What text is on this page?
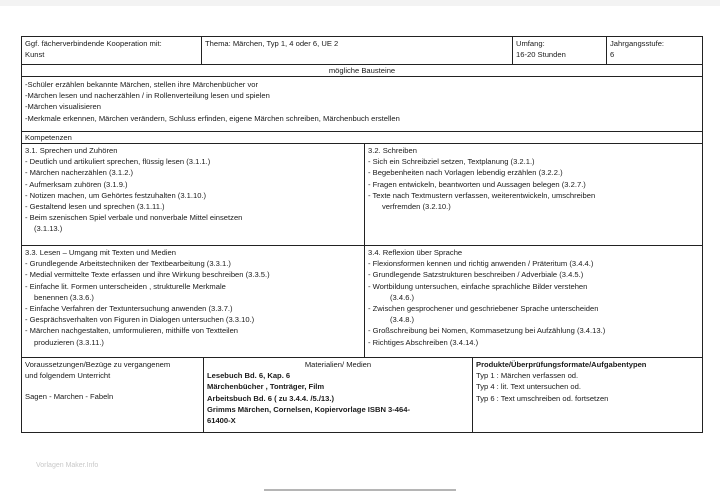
Ggf. fächerverbindende Kooperation mit:
Kunst
Thema: Märchen, Typ 1, 4 oder 6, UE 2	Umfang:
16-20 Stunden
Jahrgangsstufe:
6
mögliche Bausteine
-Schüler erzählen bekannte Märchen, stellen ihre Märchenbücher vor
-Märchen lesen und nacherzählen / in Rollenverteilung lesen und spielen
-Märchen visualisieren
-Merkmale erkennen, Märchen verändern, Schluss erfinden, eigene Märchen schreiben, Märchenbuch erstellen
Kompetenzen
3.1. Sprechen und Zuhören
- Deutlich und artikuliert sprechen, flüssig lesen (3.1.1.)
- Märchen nacherzählen (3.1.2.)
- Aufmerksam zuhören (3.1.9.)
- Notizen machen, um Gehörtes festzuhalten (3.1.10.)
- Gestaltend lesen und sprechen (3.1.11.)
- Beim szenischen Spiel verbale und nonverbale Mittel einsetzen
(3.1.13.)
3.2. Schreiben
- Sich ein Schreibziel setzen, Textplanung (3.2.1.)
- Begebenheiten nach Vorlagen lebendig erzählen (3.2.2.)
- Fragen entwickeln, beantworten und Aussagen belegen (3.2.7.)
- Texte nach Textmustern verfassen, weiterentwickeln, umschreiben
verfremden (3.2.10.)
3.3. Lesen – Umgang mit Texten und Medien
- Grundlegende Arbeitstechniken der Textbearbeitung (3.3.1.)
- Medial vermittelte Texte erfassen und ihre Wirkung beschreiben (3.3.5.)
- Einfache lit. Formen unterscheiden , strukturelle Merkmale
benennen (3.3.6.)
- Einfache Verfahren der Textuntersuchung anwenden (3.3.7.)
- Gesprächsverhalten von Figuren in Dialogen untersuchen (3.3.10.)
- Märchen nachgestalten, umformulieren, mithilfe von Textteilen
produzieren (3.3.11.)
3.4. Reflexion über Sprache
- Flexionsformen kennen und richtig anwenden / Präteritum (3.4.4.)
- Grundlegende Satzstrukturen beschreiben / Adverbiale (3.4.5.)
- Wortbildung untersuchen, einfache sprachliche Bilder verstehen
(3.4.6.)
- Zwischen gesprochener und geschriebener Sprache unterscheiden
(3.4.8.)
- Großschreibung bei Nomen, Kommasetzung bei Aufzählung (3.4.13.)
- Richtiges Abschreiben (3.4.14.)
Voraussetzungen/Bezüge zu vergangenem
und folgendem Unterricht
Sagen - Marchen - Fabeln
Materialien/ Medien
Lesebuch Bd. 6, Kap. 6
Märchenbücher , Tonträger, Film
Arbeitsbuch Bd. 6 ( zu 3.4.4. /5./13.)
Grimms Märchen, Cornelsen, Kopiervorlage ISBN 3-464-
61400-X
Produkte/Überprüfungsformate/Aufgabentypen
Typ 1 : Märchen verfassen od.
Typ 4 : lit. Text untersuchen od.
Typ 6 : Text umschreiben od. fortsetzen
Vorlagen Maker.Info
